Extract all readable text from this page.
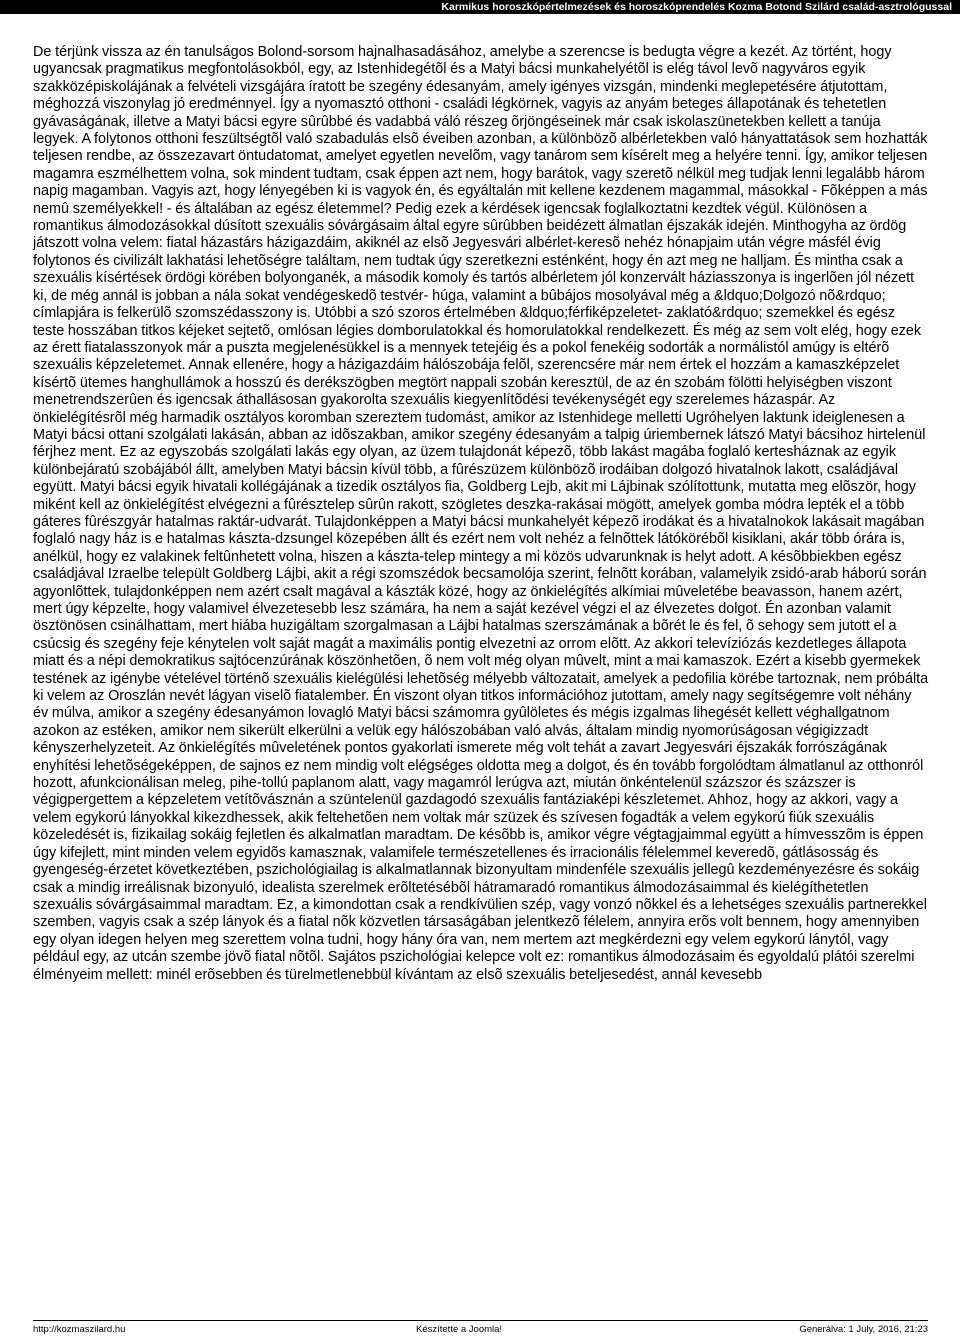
Karmikus horoszkópértelmezések és horoszkóprendelés Kozma Botond Szilárd család-asztrológussal

De térjünk vissza az én tanulságos Bolond-sorsom hajnalhasadásához, amelybe a szerencse is bedugta végre a kezét. Az történt, hogy ugyancsak pragmatikus megfontolásokból, egy, az Istenhidegétõl és a Matyi bácsi munkahelyétõl is elég távol levõ nagyváros egyik szakközépiskolájának a felvételi vizsgájára íratott be szegény édesanyám, amely igényes vizsgán, mindenki meglepetésére átjutottam, méghozzá viszonylag jó eredménnyel. Így a nyomasztó otthoni - családi légkörnek, vagyis az anyám beteges állapotának és tehetetlen gyávaságának, illetve a Matyi bácsi egyre sûrûbbé és vadabbá váló részeg õrjöngéseinek már csak iskolaszünetekben kellett a tanúja legyek. A folytonos otthoni feszültségtõl való szabadulás elsõ éveiben azonban, a különbözõ albérletekben való hányattatások sem hozhatták teljesen rendbe, az összezavart öntudatomat, amelyet egyetlen nevelõm, vagy tanárom sem kísérelt meg a helyére tenni. Így, amikor teljesen magamra eszmélhettem volna, sok mindent tudtam, csak éppen azt nem, hogy barátok, vagy szeretõ nélkül meg tudjak lenni legalább három napig magamban. Vagyis azt, hogy lényegében ki is vagyok én, és egyáltalán mit kellene kezdenem magammal, másokkal - Fõképpen a más nemû személyekkel! - és általában az egész életemmel? Pedig ezek a kérdések igencsak foglalkoztatni kezdtek végül. Különösen a romantikus álmodozásokkal dúsított szexuális sóvárgásaim által egyre sûrûbben beidézett álmatlan éjszakák idején. Minthogyha az ördög játszott volna velem: fiatal házastárs házigazdáim, akiknél az elsõ Jegyesvári albérlet-keresõ nehéz hónapjaim után végre másfél évig folytonos és civilizált lakhatási lehetõségre találtam, nem tudtak úgy szeretkezni esténként, hogy én azt meg ne halljam. És mintha csak a szexuális kísértések ördögi körében bolyonganék, a második komoly és tartós albérletem jól konzervált háziasszonya is ingerlõen jól nézett ki, de még annál is jobban a nála sokat vendégeskedõ testvér- húga, valamint a bûbájos mosolyával még a &ldquo;Dolgozó nõ&rdquo; címlapjára is felkerülõ szomszédasszony is. Utóbbi a szó szoros értelmében &ldquo;férfiképzeletet- zaklató&rdquo; szemekkel és egész teste hosszában titkos kéjeket sejtetõ, omlósan légies domborulatokkal és homorulatokkal rendelkezett. És még az sem volt elég, hogy ezek az érett fiatalasszonyok már a puszta megjelenésükkel is a mennyek tetejéig és a pokol fenekéig sodorták a normálistól amúgy is eltérõ szexuális képzeletemet. Annak ellenére, hogy a házigazdáim hálószobája felõl, szerencsére már nem értek el hozzám a kamaszképzelet kísértõ ütemes hanghullámok a hosszú és derékszögben megtört nappali szobán keresztül, de az én szobám fölötti helyiségben viszont menetrendszerûen és igencsak áthallásosan gyakorolta szexuális kiegyenlítõdési tevékenységét egy szerelemes házaspár. Az önkielégítésrõl még harmadik osztályos koromban szereztem tudomást, amikor az Istenhidege melletti Ugróhelyen laktunk ideiglenesen a Matyi bácsi ottani szolgálati lakásán, abban az idõszakban, amikor szegény édesanyám a talpig úriembernek látszó Matyi bácsihoz hirtelenül férjhez ment. Ez az egyszobás szolgálati lakás egy olyan, az üzem tulajdonát képezõ, több lakást magába foglaló kertesháznak az egyik különbejáratú szobájából állt, amelyben Matyi bácsin kívül több, a fûrészüzem különbözõ irodáiban dolgozó hivatalnok lakott, családjával együtt. Matyi bácsi egyik hivatali kollégájának a tizedik osztályos fia, Goldberg Lejb, akit mi Lájbinak szólítottunk, mutatta meg elõször, hogy miként kell az önkielégítést elvégezni a fûrésztelep sûrûn rakott, szögletes deszka-rakásai mögött, amelyek gomba módra lepték el a több gáteres fûrészgyár hatalmas raktár-udvarát. Tulajdonképpen a Matyi bácsi munkahelyét képezõ irodákat és a hivatalnokok lakásait magában foglaló nagy ház is e hatalmas kászta-dzsungel közepében állt és ezért nem volt nehéz a felnõttek látókörébõl kisiklani, akár több órára is, anélkül, hogy ez valakinek feltûnhetett volna, hiszen a kászta-telep mintegy a mi közös udvarunknak is helyt adott. A késõbbiekben egész családjával Izraelbe települt Goldberg Lájbi, akit a régi szomszédok becsamolója szerint, felnõtt korában, valamelyik zsidó-arab háború során agyonlõttek, tulajdonképpen nem azért csalt magával a kászták közé, hogy az önkielégítés alkímiai mûveletébe beavasson, hanem azért, mert úgy képzelte, hogy valamivel élvezetesebb lesz számára, ha nem a saját kezével végzi el az élvezetes dolgot. Én azonban valamit ösztönösen csinálhattam, mert hiába huzigáltam szorgalmasan a Lájbi hatalmas szerszámának a bõrét le és fel, õ sehogy sem jutott el a csúcsig és szegény feje kénytelen volt saját magát a maximális pontig elvezetni az orrom elõtt. Az akkori televíziózás kezdetleges állapota miatt és a népi demokratikus sajtócenzúrának köszönhetõen, õ nem volt még olyan mûvelt, mint a mai kamaszok. Ezért a kisebb gyermekek testének az igénybe vételével történõ szexuális kielégülési lehetõség mélyebb változatait, amelyek a pedofilia körébe tartoznak, nem próbálta ki velem az Oroszlán nevét lágyan viselõ fiatalember. Én viszont olyan titkos információhoz jutottam, amely nagy segítségemre volt néhány év múlva, amikor a szegény édesanyámon lovagló Matyi bácsi számomra gyûlöletes és mégis izgalmas lihegését kellett véghallgatnom azokon az estéken, amikor nem sikerült elkerülni a velük egy hálószobában való alvás, általam mindig nyomorúságosan végigizzadt kényszerhelyzeteit. Az önkielégítés mûveletének pontos gyakorlati ismerete még volt tehát a zavart Jegyesvári éjszakák forrószágának enyhítési lehetõségeképpen, de sajnos ez nem mindig volt elégséges oldotta meg a dolgot, és én tovább forgolódtam álmatlanul az otthonról hozott, afunkcionálisan meleg, pihe-tollú paplanom alatt, vagy magamról lerúgva azt, miután önkéntelenül százszor és százszer is végigpergettem a képzeletem vetítõvásznán a szüntelenül gazdagodó szexuális fantáziaképi készletemet. Ahhoz, hogy az akkori, vagy a velem egykorú lányokkal kikezdhessek, akik feltehetõen nem voltak már szüzek és szívesen fogadták a velem egykorú fiúk szexuális közeledését is, fizikailag sokáig fejletlen és alkalmatlan maradtam. De késõbb is, amikor végre végtagjaimmal együtt a hímvesszõm is éppen úgy kifejlett, mint minden velem egyidõs kamasznak, valamifele természetellenes és irracionális félelemmel keveredõ, gátlásosság és gyengeség-érzetet következtében, pszichológiailag is alkalmatlannak bizonyultam mindenféle szexuális jellegû kezdeményezésre és sokáig csak a mindig irreálisnak bizonyuló, idealista szerelmek erõltetésébõl hátramaradó romantikus álmodozásaimmal és kielégíthetetlen szexuális sóvárgásaimmal maradtam. Ez, a kimondottan csak a rendkívülien szép, vagy vonzó nõkkel és a lehetséges szexuális partnerekkel szemben, vagyis csak a szép lányok és a fiatal nõk közvetlen társaságában jelentkezõ félelem, annyira erõs volt bennem, hogy amennyiben egy olyan idegen helyen meg szerettem volna tudni, hogy hány óra van, nem mertem azt megkérdezni egy velem egykorú lánytól, vagy például egy, az utcán szembe jövõ fiatal nõtõl. Sajátos pszichológiai kelepce volt ez: romantikus álmodozásaim és egyoldalú plátói szerelmi élményeim mellett: minél erõsebben és türelmetlenebbül kívántam az elsõ szexuális beteljesedést, annál kevesebb

http://kozmaszilard.hu	Készítette a Joomla!	Generálva: 1 July, 2016, 21:23
